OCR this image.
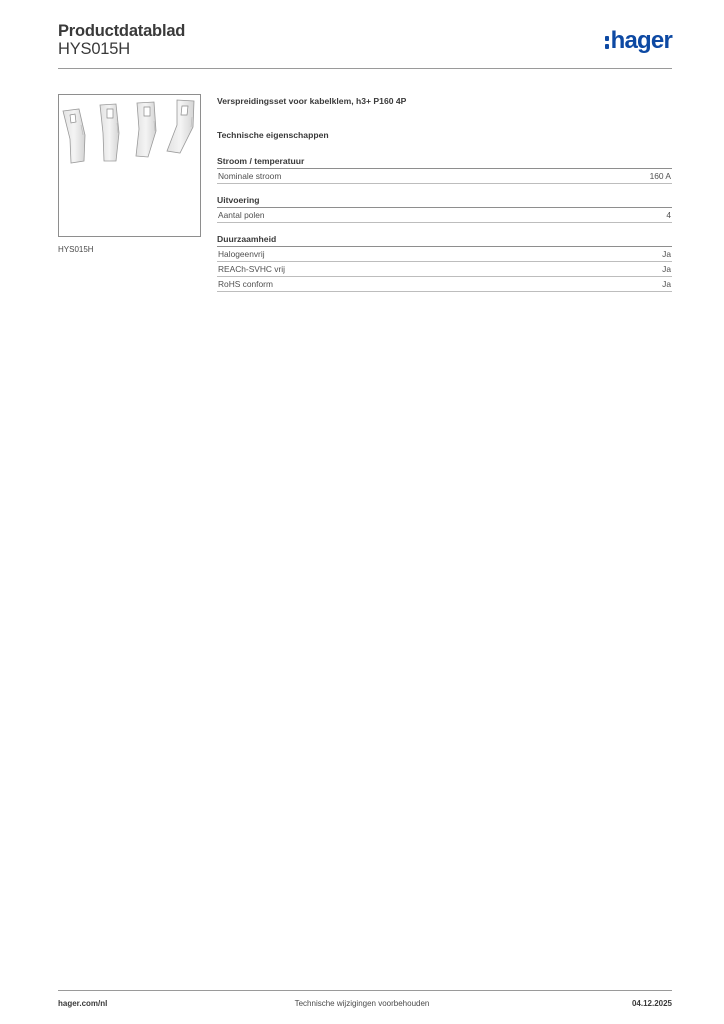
Productdatablad
HYS015H	hager
HYS015H
Verspreidingsset voor kabelklem, h3+ P160 4P
Technische eigenschappen
Stroom / temperatuur
Nominale stroom	160 A
Uitvoering
Aantal polen	4
Duurzaamheid
Halogeenvrij	Ja
REACh-SVHC vrij	Ja
RoHS conform	Ja
hager.com/nl	Technische wijzigingen voorbehouden	04.12.2025
